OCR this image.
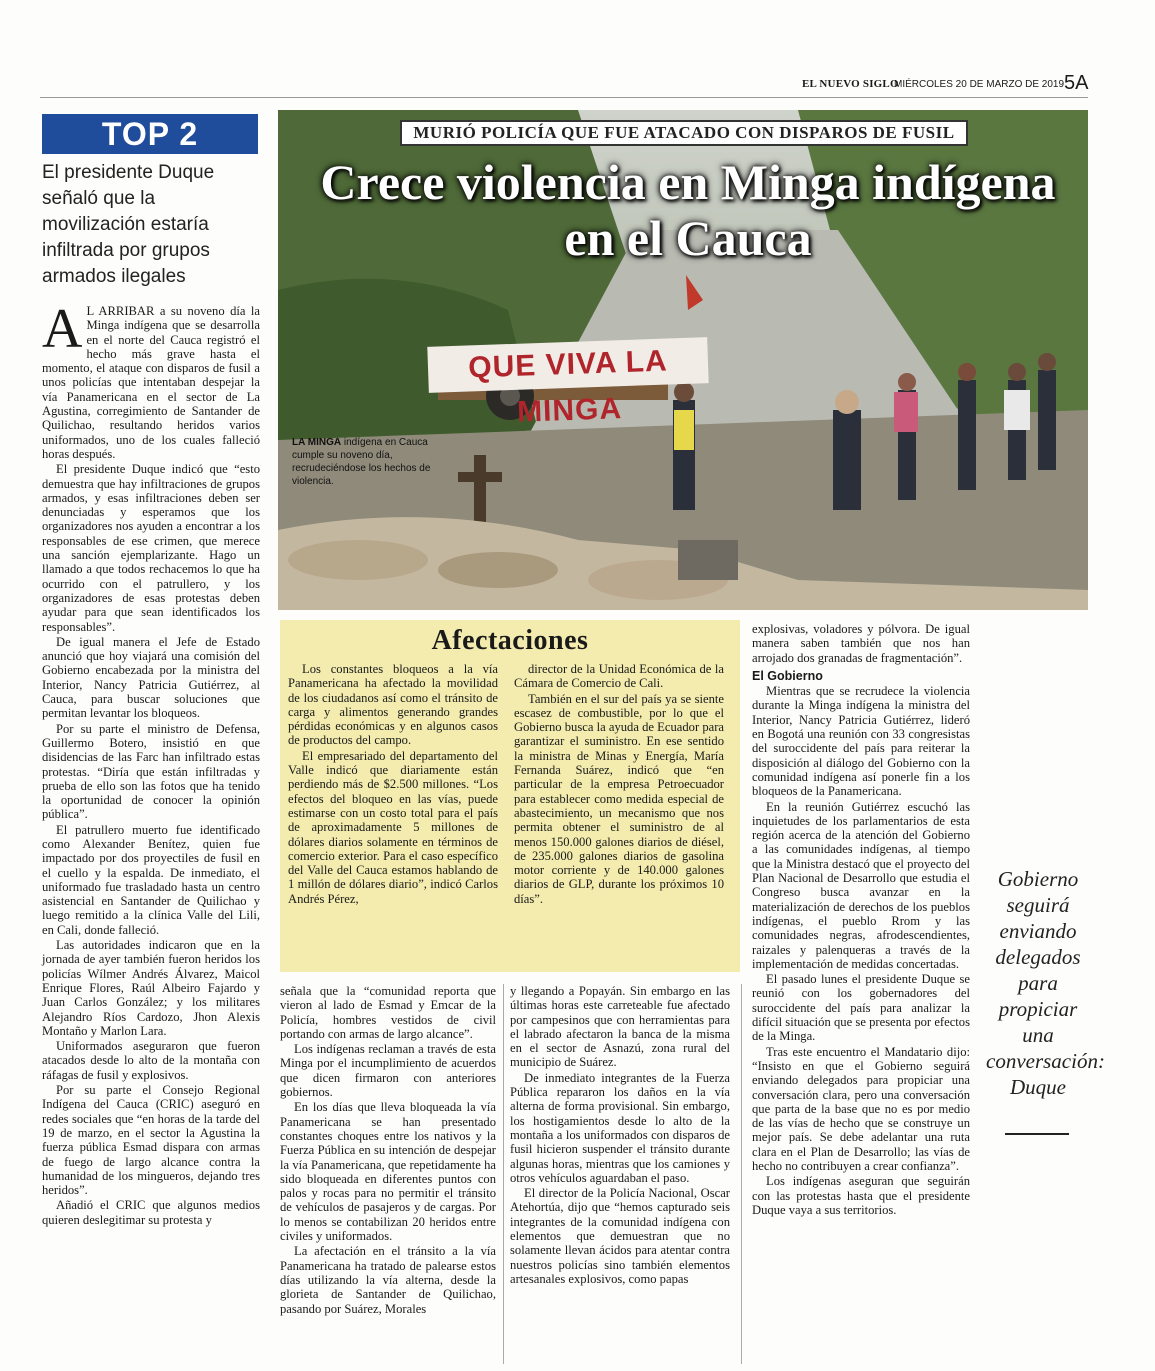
EL NUEVO SIGLO
MIÉRCOLES 20 DE MARZO DE 2019 5A
TOP 2
El presidente Duque señaló que la movilización estaría infiltrada por grupos armados ilegales
QUE VIVA LA MINGA
MURIÓ POLICÍA QUE FUE ATACADO CON DISPAROS DE FUSIL
Crece violencia en Minga indígena en el Cauca
LA MINGA indígena en Cauca cumple su noveno día, recrudeciéndose los hechos de violencia.

A L ARRIBAR a su noveno día la Minga indígena que se desarrolla en el norte del Cauca registró el hecho más grave hasta el momento, el ataque con disparos de fusil a unos policías que intentaban despejar la vía Panamericana en el sector de La Agustina, corregimiento de Santander de Quilichao, resultando heridos varios uniformados, uno de los cuales falleció horas después.

El presidente Duque indicó que “esto demuestra que hay infiltraciones de grupos armados, y esas infiltraciones deben ser denunciadas y esperamos que los organizadores nos ayuden a encontrar a los responsables de ese crimen, que merece una sanción ejemplarizante. Hago un llamado a que todos rechacemos lo que ha ocurrido con el patrullero, y los organizadores de esas protestas deben ayudar para que sean identificados los responsables”.

De igual manera el Jefe de Estado anunció que hoy viajará una comisión del Gobierno encabezada por la ministra del Interior, Nancy Patricia Gutiérrez, al Cauca, para buscar soluciones que permitan levantar los bloqueos.

Por su parte el ministro de Defensa, Guillermo Botero, insistió en que disidencias de las Farc han infiltrado estas protestas. “Diría que están infiltradas y prueba de ello son las fotos que ha tenido la oportunidad de conocer la opinión pública”.

El patrullero muerto fue identificado como Alexander Benítez, quien fue impactado por dos proyectiles de fusil en el cuello y la espalda. De inmediato, el uniformado fue trasladado hasta un centro asistencial en Santander de Quilichao y luego remitido a la clínica Valle del Lili, en Cali, donde falleció.

Las autoridades indicaron que en la jornada de ayer también fueron heridos los policías Wílmer Andrés Álvarez, Maicol Enrique Flores, Raúl Albeiro Fajardo y Juan Carlos González; y los militares Alejandro Ríos Cardozo, Jhon Alexis Montaño y Marlon Lara.

Uniformados aseguraron que fueron atacados desde lo alto de la montaña con ráfagas de fusil y explosivos.

Por su parte el Consejo Regional Indígena del Cauca (CRIC) aseguró en redes sociales que “en horas de la tarde del 19 de marzo, en el sector la Agustina la fuerza pública Esmad dispara con armas de fuego de largo alcance contra la humanidad de los mingueros, dejando tres heridos”.

Añadió el CRIC que algunos medios quieren deslegitimar su protesta y

Afectaciones

Los constantes bloqueos a la vía Panamericana ha afectado la movilidad de los ciudadanos así como el tránsito de carga y alimentos generando grandes pérdidas económicas y en algunos casos de productos del campo.

El empresariado del departamento del Valle indicó que diariamente están perdiendo más de $2.500 millones. “Los efectos del bloqueo en las vías, puede estimarse con un costo total para el país de aproximadamente 5 millones de dólares diarios solamente en términos de comercio exterior. Para el caso específico del Valle del Cauca estamos hablando de 1 millón de dólares diario”, indicó Carlos Andrés Pérez,

director de la Unidad Económica de la Cámara de Comercio de Cali.

También en el sur del país ya se siente escasez de combustible, por lo que el Gobierno busca la ayuda de Ecuador para garantizar el suministro. En ese sentido la ministra de Minas y Energía, María Fernanda Suárez, indicó que “en particular de la empresa Petroecuador para establecer como medida especial de abastecimiento, un mecanismo que nos permita obtener el suministro de al menos 150.000 galones diarios de diésel, de 235.000 galones diarios de gasolina motor corriente y de 140.000 galones diarios de GLP, durante los próximos 10 días”.

señala que la “comunidad reporta que vieron al lado de Esmad y Emcar de la Policía, hombres vestidos de civil portando con armas de largo alcance”.

Los indígenas reclaman a través de esta Minga por el incumplimiento de acuerdos que dicen firmaron con anteriores gobiernos.

En los días que lleva bloqueada la vía Panamericana se han presentado constantes choques entre los nativos y la Fuerza Pública en su intención de despejar la vía Panamericana, que repetidamente ha sido bloqueada en diferentes puntos con palos y rocas para no permitir el tránsito de vehículos de pasajeros y de cargas. Por lo menos se contabilizan 20 heridos entre civiles y uniformados.

La afectación en el tránsito a la vía Panamericana ha tratado de palearse estos días utilizando la vía alterna, desde la glorieta de Santander de Quilichao, pasando por Suárez, Morales

y llegando a Popayán. Sin embargo en las últimas horas este carreteable fue afectado por campesinos que con herramientas para el labrado afectaron la banca de la misma en el sector de Asnazú, zona rural del municipio de Suárez.

De inmediato integrantes de la Fuerza Pública repararon los daños en la vía alterna de forma provisional. Sin embargo, los hostigamientos desde lo alto de la montaña a los uniformados con disparos de fusil hicieron suspender el tránsito durante algunas horas, mientras que los camiones y otros vehículos aguardaban el paso.

El director de la Policía Nacional, Oscar Atehortúa, dijo que “hemos capturado seis integrantes de la comunidad indígena con elementos que demuestran que no solamente llevan ácidos para atentar contra nuestros policías sino también elementos artesanales explosivos, como papas

explosivas, voladores y pólvora. De igual manera saben también que nos han arrojado dos granadas de fragmentación”.

El Gobierno

Mientras que se recrudece la violencia durante la Minga indígena la ministra del Interior, Nancy Patricia Gutiérrez, lideró en Bogotá una reunión con 33 congresistas del suroccidente del país para reiterar la disposición al diálogo del Gobierno con la comunidad indígena así ponerle fin a los bloqueos de la Panamericana.

En la reunión Gutiérrez escuchó las inquietudes de los parlamentarios de esta región acerca de la atención del Gobierno a las comunidades indígenas, al tiempo que la Ministra destacó que el proyecto del Plan Nacional de Desarrollo que estudia el Congreso busca avanzar en la materialización de derechos de los pueblos indígenas, el pueblo Rrom y las comunidades negras, afrodescendientes, raizales y palenqueras a través de la implementación de medidas concertadas.

El pasado lunes el presidente Duque se reunió con los gobernadores del suroccidente del país para analizar la difícil situación que se presenta por efectos de la Minga.

Tras este encuentro el Mandatario dijo: “Insisto en que el Gobierno seguirá enviando delegados para propiciar una conversación clara, pero una conversación que parta de la base que no es por medio de las vías de hecho que se construye un mejor país. Se debe adelantar una ruta clara en el Plan de Desarrollo; las vías de hecho no contribuyen a crear confianza”.

Los indígenas aseguran que seguirán con las protestas hasta que el presidente Duque vaya a sus territorios.

Gobierno seguirá enviando delegados para propiciar una conversación: Duque
